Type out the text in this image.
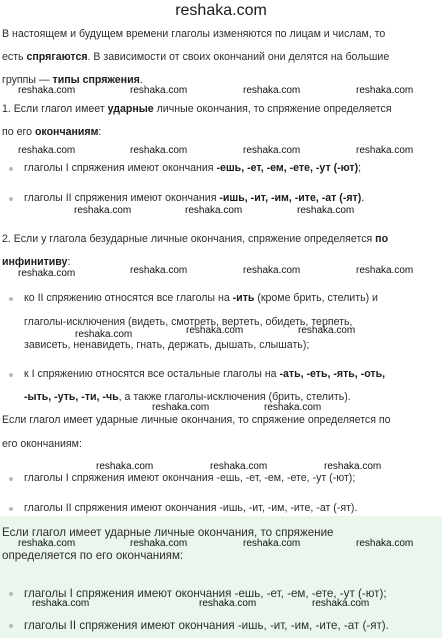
reshaka.com
В настоящем и будущем времени глаголы изменяются по лицам и числам, то
есть спрягаются. В зависимости от своих окончаний они делятся на большие
группы — типы спряжения.
1. Если глагол имеет ударные личные окончания, то спряжение определяется
по его окончаниям:
глаголы I спряжения имеют окончания -ешь, -ет, -ем, -ете, -ут (-ют);
глаголы II спряжения имеют окончания -ишь, -ит, -им, -ите, -ат (-ят).
2. Если у глагола безударные личные окончания, спряжение определяется по
инфинитиву:
ко II спряжению относятся все глаголы на -ить (кроме брить, стелить) и
глаголы-исключения (видеть, смотреть, вертеть, обидеть, терпеть,
зависеть, ненавидеть, гнать, держать, дышать, слышать);
к I спряжению относятся все остальные глаголы на -ать, -еть, -ять, -оть,
-ыть, -уть, -ти, -чь, а также глаголы-исключения (брить, стелить).
Если глагол имеет ударные личные окончания, то спряжение определяется по
его окончаниям:
глаголы I спряжения имеют окончания -ешь, -ет, -ем, -ете, -ут (-ют);
глаголы II спряжения имеют окончания -ишь, -ит, -им, -ите, -ат (-ят).
Если глагол имеет ударные личные окончания, то спряжение
определяется по его окончаниям:
глаголы I спряжения имеют окончания -ешь, -ет, -ем, -ете, -ут (-ют);
глаголы II спряжения имеют окончания -ишь, -ит, -им, -ите, -ат (-ят).
reshaka.com	reshaka.com	reshaka.com	reshaka.com
reshaka.com	reshaka.com	reshaka.com	reshaka.com
reshaka.com	reshaka.com	reshaka.com
reshaka.com	reshaka.com	reshaka.com	reshaka.com
reshaka.com	reshaka.com	reshaka.com
reshaka.com	reshaka.com
reshaka.com	reshaka.com	reshaka.com
reshaka.com	reshaka.com	reshaka.com	reshaka.com
reshaka.com	reshaka.com	reshaka.com
